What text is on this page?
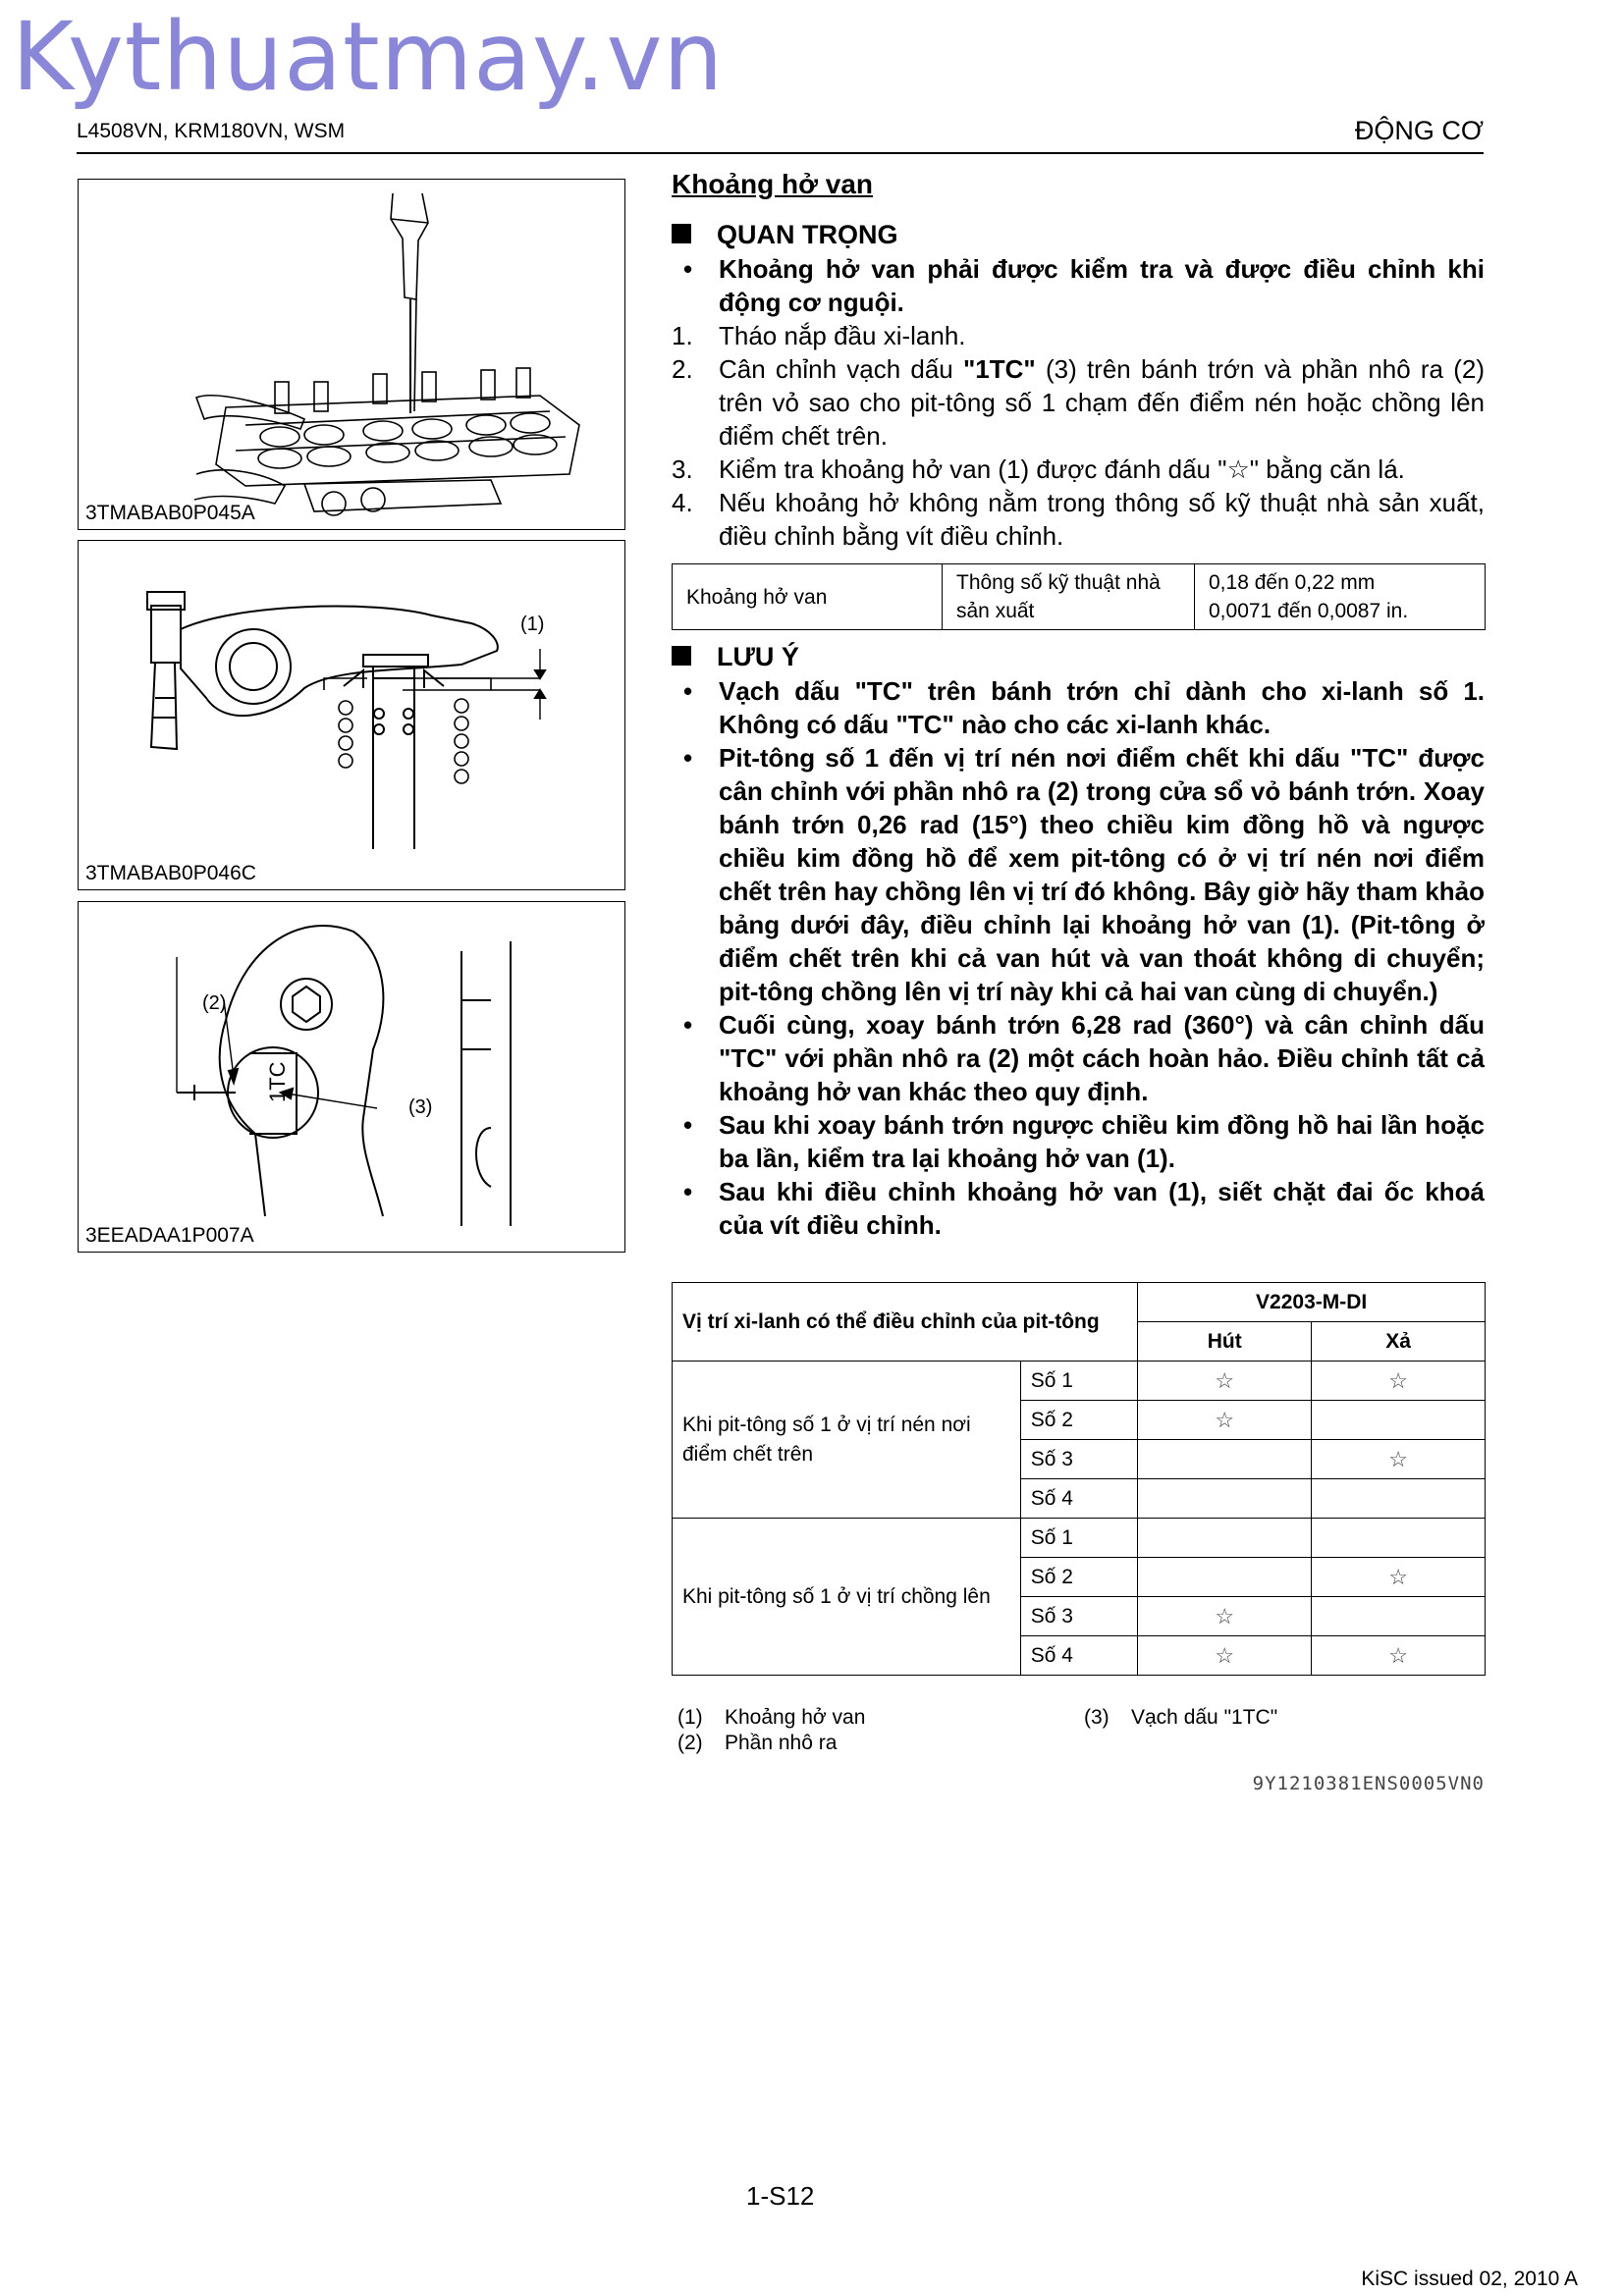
Kythuatmay.vn
L4508VN, KRM180VN, WSM	ĐỘNG CƠ
3TMABAB0P045A
(1)
3TMABAB0P046C
1TC
(2)
(3)
3EEADAA1P007A
Khoảng hở van
QUAN TRỌNG
• Khoảng hở van phải được kiểm tra và được điều chỉnh khi động cơ nguội.
1. Tháo nắp đầu xi-lanh.
2. Cân chỉnh vạch dấu "1TC" (3) trên bánh trớn và phần nhô ra (2) trên vỏ sao cho pit-tông số 1 chạm đến điểm nén hoặc chồng lên điểm chết trên.
3. Kiểm tra khoảng hở van (1) được đánh dấu "☆" bằng căn lá.
4. Nếu khoảng hở không nằm trong thông số kỹ thuật nhà sản xuất, điều chỉnh bằng vít điều chỉnh.
Khoảng hở van	Thông số kỹ thuật nhà sản xuất	0,18 đến 0,22 mm
0,0071 đến 0,0087 in.
LƯU Ý
• Vạch dấu "TC" trên bánh trớn chỉ dành cho xi-lanh số 1. Không có dấu "TC" nào cho các xi-lanh khác.
• Pit-tông số 1 đến vị trí nén nơi điểm chết khi dấu "TC" được cân chỉnh với phần nhô ra (2) trong cửa sổ vỏ bánh trớn. Xoay bánh trớn 0,26 rad (15°) theo chiều kim đồng hồ và ngược chiều kim đồng hồ để xem pit-tông có ở vị trí nén nơi điểm chết trên hay chồng lên vị trí đó không. Bây giờ hãy tham khảo bảng dưới đây, điều chỉnh lại khoảng hở van (1). (Pit-tông ở điểm chết trên khi cả van hút và van thoát không di chuyển; pit-tông chồng lên vị trí này khi cả hai van cùng di chuyển.)
• Cuối cùng, xoay bánh trớn 6,28 rad (360°) và cân chỉnh dấu "TC" với phần nhô ra (2) một cách hoàn hảo. Điều chỉnh tất cả khoảng hở van khác theo quy định.
• Sau khi xoay bánh trớn ngược chiều kim đồng hồ hai lần hoặc ba lần, kiểm tra lại khoảng hở van (1).
• Sau khi điều chỉnh khoảng hở van (1), siết chặt đai ốc khoá của vít điều chỉnh.
Vị trí xi-lanh có thể điều chỉnh của pit-tông		V2203-M-DI	
		Hút	Xả
Khi pit-tông số 1 ở vị trí nén nơi điểm chết trên	Số 1	☆	☆
	Số 2	☆	
	Số 3		☆
	Số 4		
Khi pit-tông số 1 ở vị trí chồng lên	Số 1		
	Số 2		☆
	Số 3	☆	
	Số 4	☆	☆
(1) Khoảng hở van
(2) Phần nhô ra
(3) Vạch dấu "1TC"
9Y1210381ENS0005VN0
1-S12
KiSC issued 02, 2010 A
